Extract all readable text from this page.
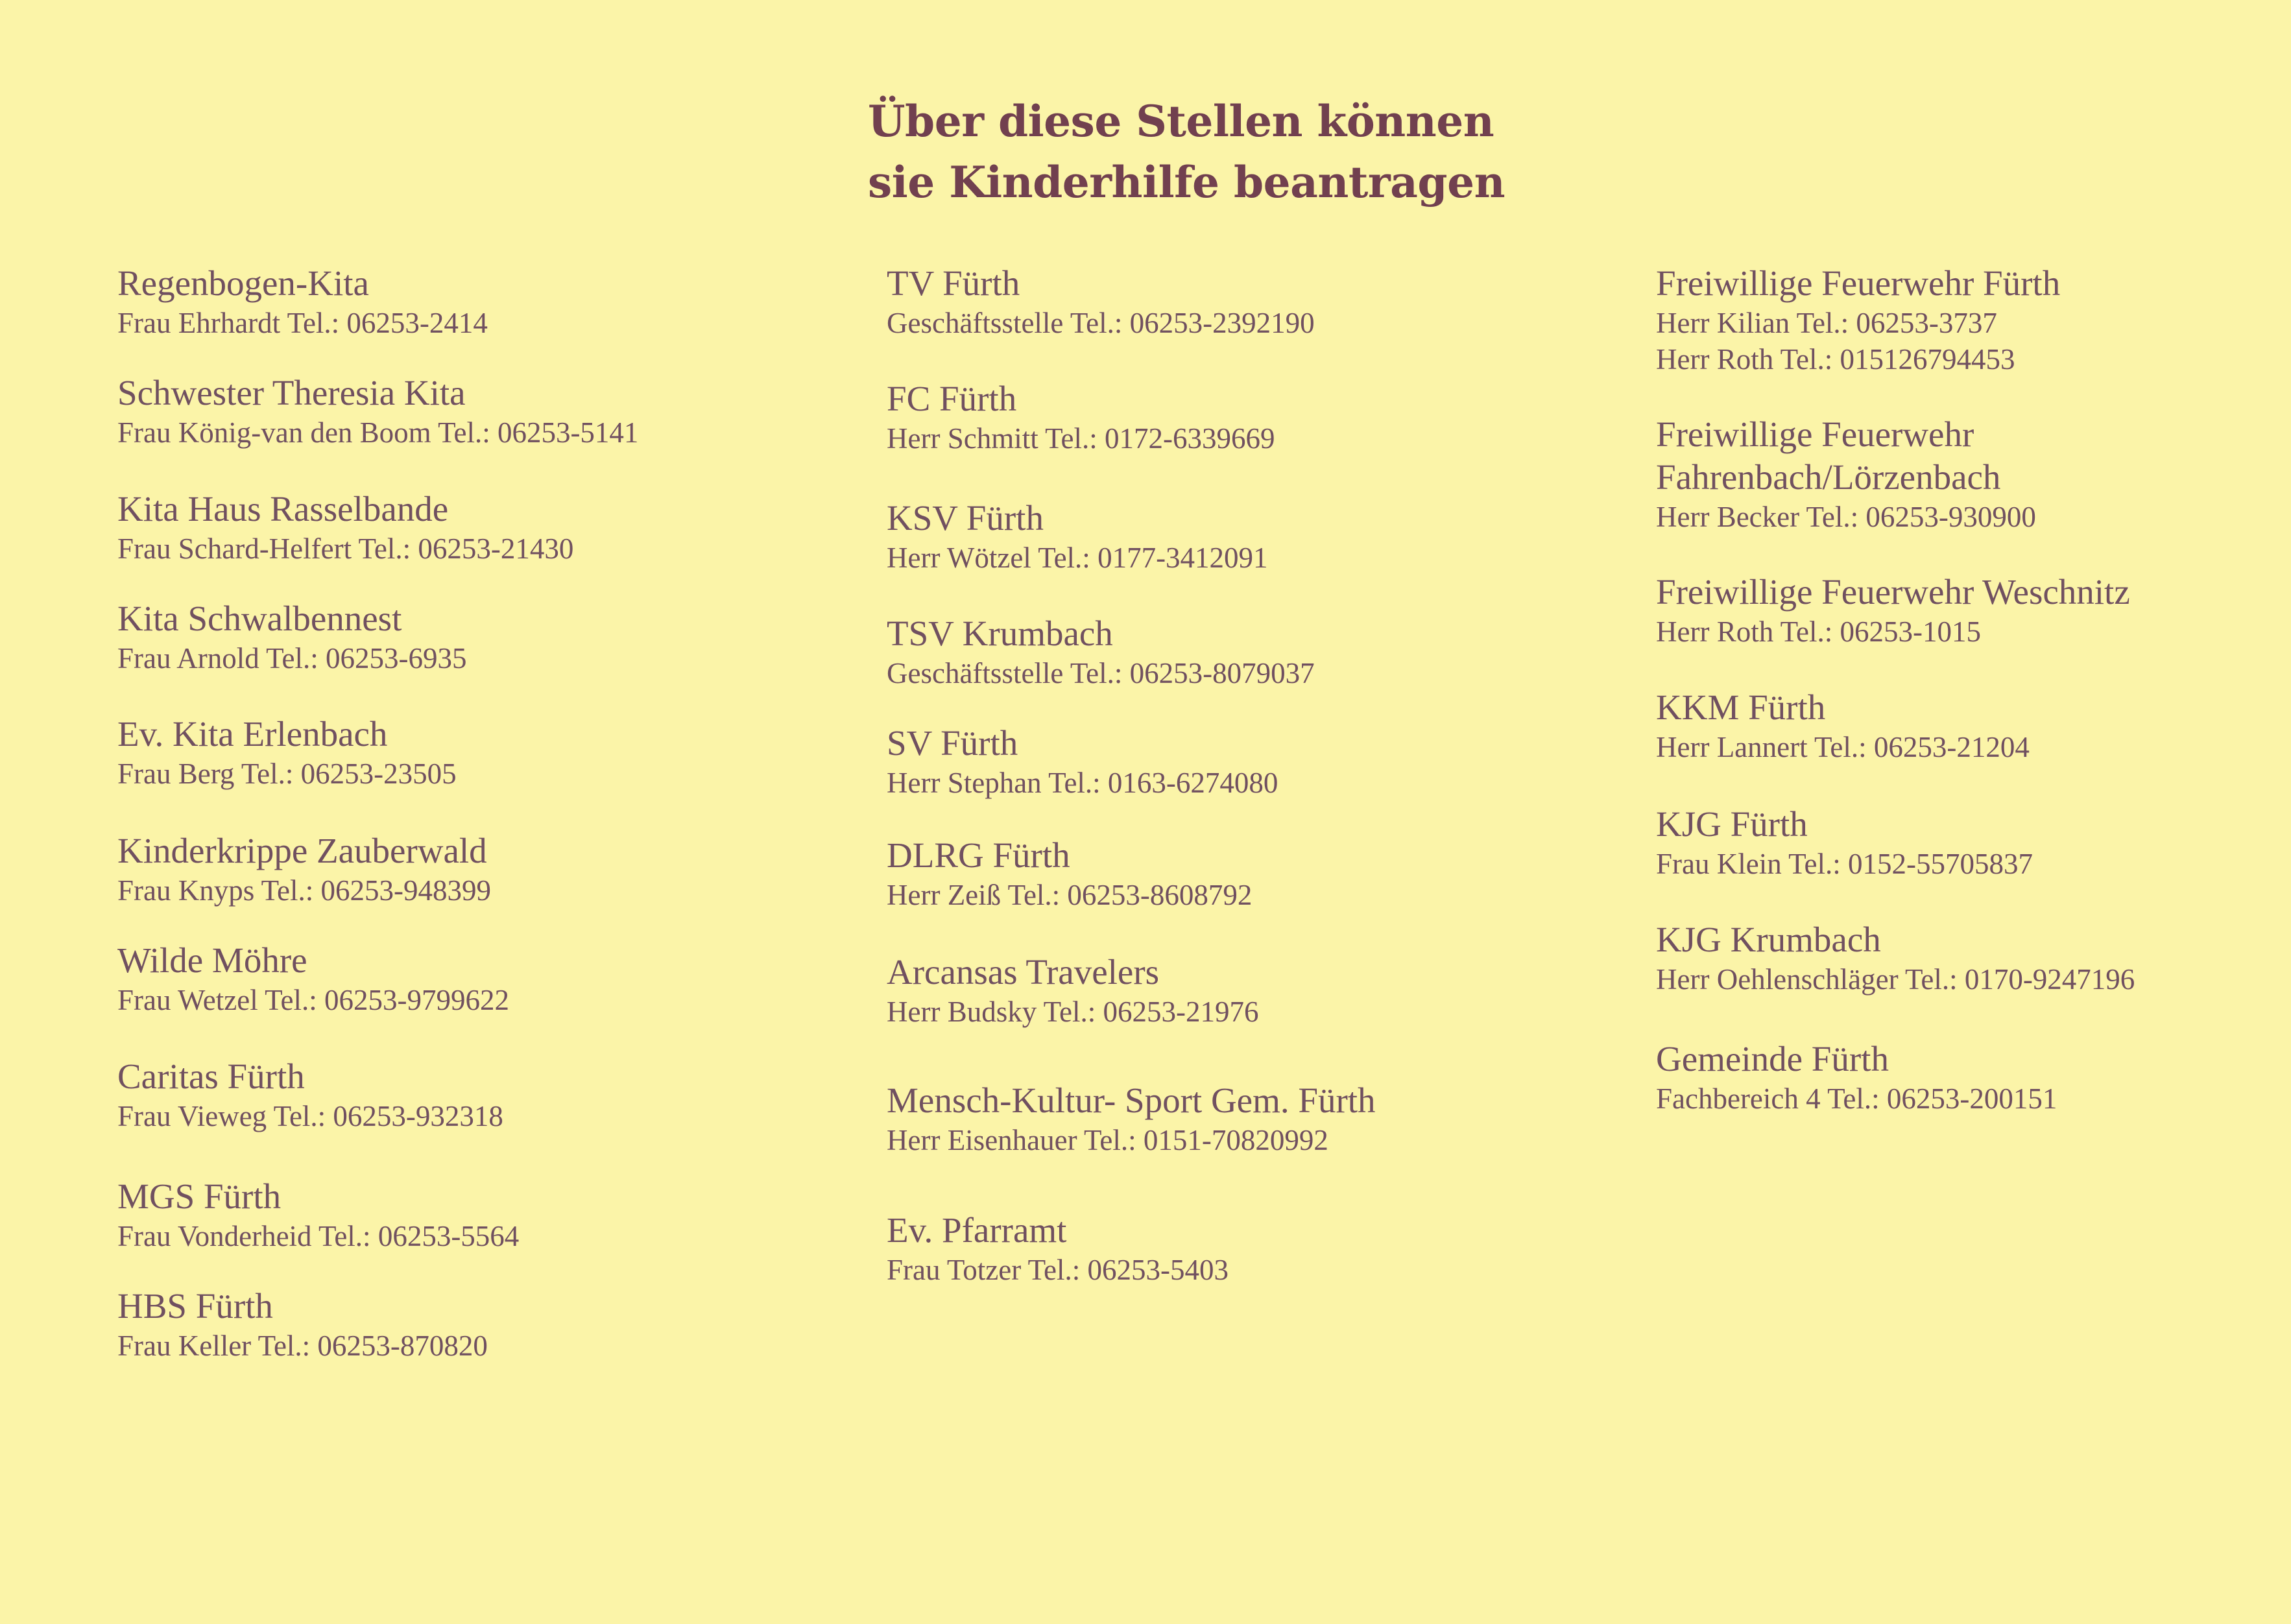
Über diese Stellen können
sie Kinderhilfe beantragen
Regenbogen-Kita
Frau Ehrhardt Tel.: 06253-2414
Schwester Theresia Kita
Frau König-van den Boom Tel.: 06253-5141
Kita Haus Rasselbande
Frau Schard-Helfert Tel.: 06253-21430
Kita Schwalbennest
Frau Arnold Tel.: 06253-6935
Ev. Kita Erlenbach
Frau Berg Tel.: 06253-23505
Kinderkrippe Zauberwald
Frau Knyps Tel.: 06253-948399
Wilde Möhre
Frau Wetzel Tel.: 06253-9799622
Caritas Fürth
Frau Vieweg Tel.: 06253-932318
MGS Fürth
Frau Vonderheid Tel.: 06253-5564
HBS Fürth
Frau Keller Tel.: 06253-870820
TV Fürth
Geschäftsstelle Tel.: 06253-2392190
FC Fürth
Herr Schmitt Tel.: 0172-6339669
KSV Fürth
Herr Wötzel Tel.: 0177-3412091
TSV Krumbach
Geschäftsstelle Tel.: 06253-8079037
SV Fürth
Herr Stephan Tel.: 0163-6274080
DLRG Fürth
Herr Zeiß Tel.: 06253-8608792
Arcansas Travelers
Herr Budsky Tel.: 06253-21976
Mensch-Kultur- Sport Gem. Fürth
Herr Eisenhauer Tel.: 0151-70820992
Ev. Pfarramt
Frau Totzer Tel.: 06253-5403
Freiwillige Feuerwehr Fürth
Herr Kilian Tel.: 06253-3737
Herr Roth Tel.: 015126794453
Freiwillige Feuerwehr
Fahrenbach/Lörzenbach
Herr Becker Tel.: 06253-930900
Freiwillige Feuerwehr Weschnitz
Herr Roth Tel.: 06253-1015
KKM Fürth
Herr Lannert Tel.: 06253-21204
KJG Fürth
Frau Klein Tel.: 0152-55705837
KJG Krumbach
Herr Oehlenschläger Tel.: 0170-9247196
Gemeinde Fürth
Fachbereich 4 Tel.: 06253-200151
